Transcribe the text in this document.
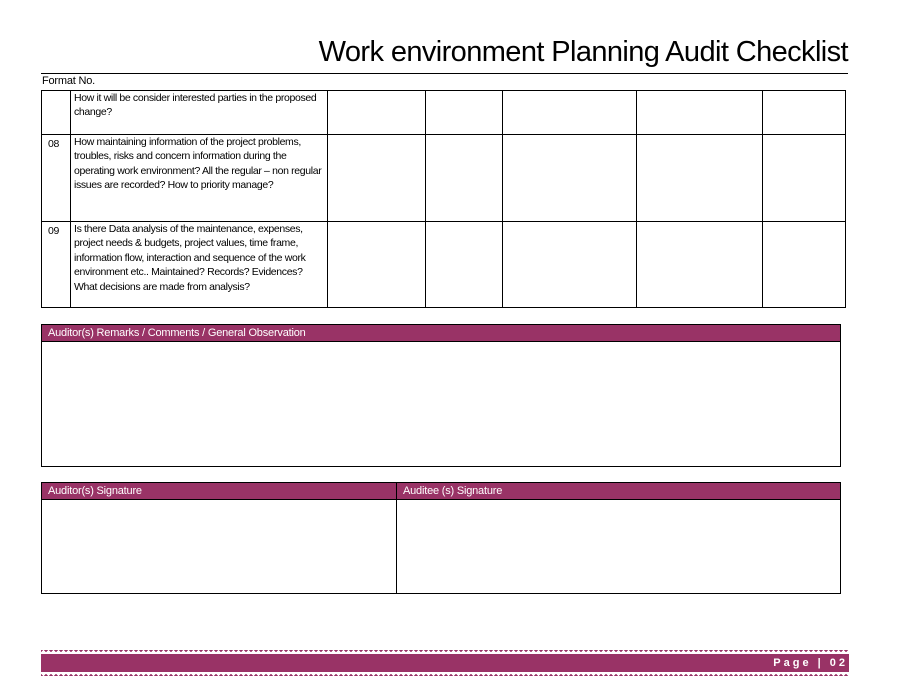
Work environment Planning Audit Checklist
Format No.
	How it will be consider interested parties in the proposed change?					
08	How maintaining information of the project problems, troubles, risks and concern information during the operating work environment? All the regular – non regular issues are recorded? How to priority manage?					
09	Is there Data analysis of the maintenance, expenses, project needs & budgets, project values, time frame, information flow, interaction and sequence of the work environment etc.. Maintained? Records? Evidences? What decisions are made from analysis?					
Auditor(s) Remarks / Comments / General Observation
Auditor(s) Signature	Auditee (s) Signature
Page | 02
